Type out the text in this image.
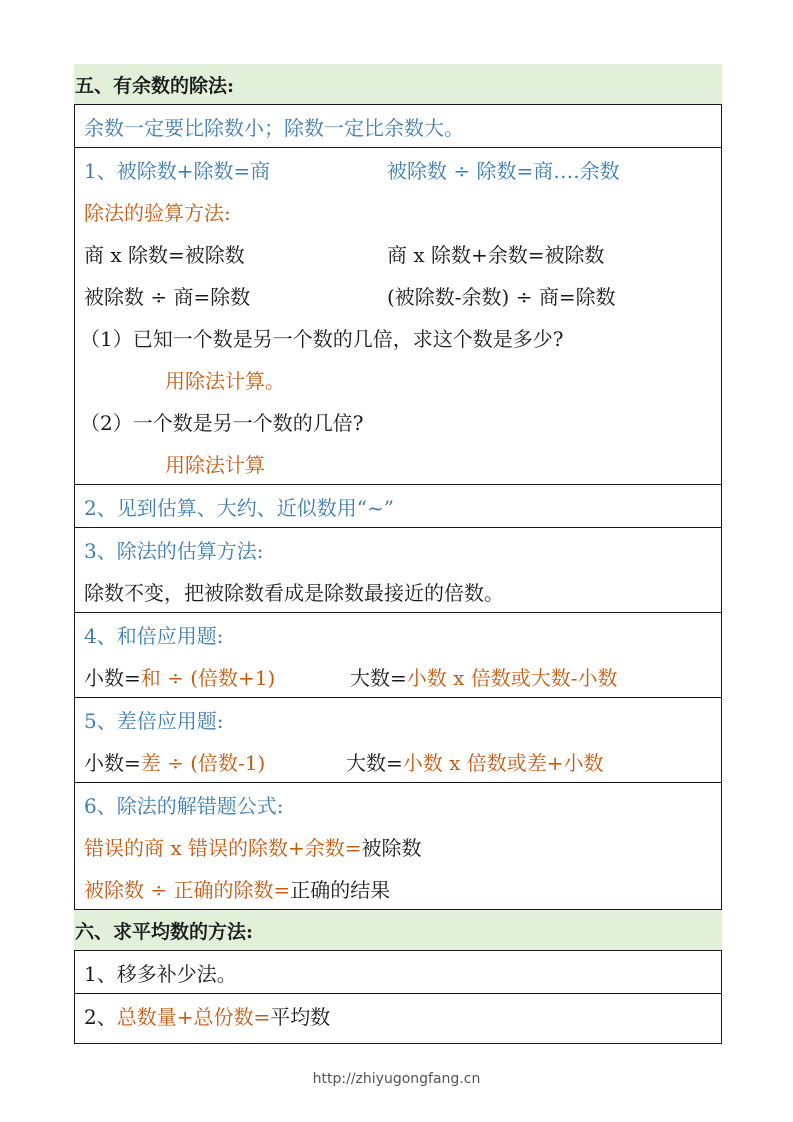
五、有余数的除法:
余数一定要比除数小；除数一定比余数大。
1、被除数+除数=商	被除数 ÷ 除数=商….余数
除法的验算方法:
商 x 除数=被除数	商 x 除数+余数=被除数
被除数 ÷ 商=除数	(被除数-余数) ÷ 商=除数
（1）已知一个数是另一个数的几倍，求这个数是多少?
用除法计算。
（2）一个数是另一个数的几倍?
用除法计算
2、见到估算、大约、近似数用“~”
3、除法的估算方法:
除数不变，把被除数看成是除数最接近的倍数。
4、和倍应用题:
小数= 和 ÷ (倍数+1)	大数=小数 x 倍数或大数-小数
5、差倍应用题:
小数= 差 ÷ (倍数-1)	大数=小数 x 倍数或差+小数
6、除法的解错题公式:
错误的商 x 错误的除数+余数= 被除数
被除数 ÷ 正确的除数= 正确的结果
六、求平均数的方法:
1、移多补少法。
2、 总数量+总份数= 平均数
http://zhiyugongfang.cn
